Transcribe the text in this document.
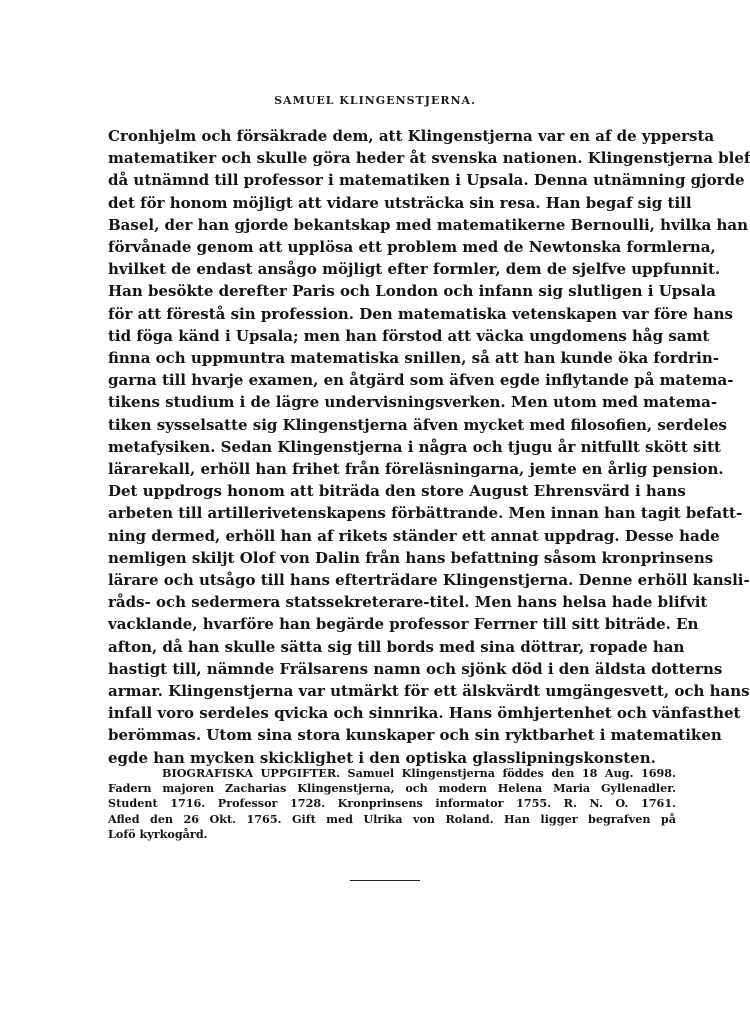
SAMUEL KLINGENSTJERNA.
Cronhjelm och försäkrade dem, att Klingenstjerna var en af de yppersta
matematiker och skulle göra heder åt svenska nationen. Klingenstjerna blef
då utnämnd till professor i matematiken i Upsala. Denna utnämning gjorde
det för honom möjligt att vidare utsträcka sin resa. Han begaf sig till
Basel, der han gjorde bekantskap med matematikerne Bernoulli, hvilka han
förvånade genom att upplösa ett problem med de Newtonska formlerna,
hvilket de endast ansågo möjligt efter formler, dem de sjelfve uppfunnit.
Han besökte derefter Paris och London och infann sig slutligen i Upsala
för att förestå sin profession. Den matematiska vetenskapen var före hans
tid föga känd i Upsala; men han förstod att väcka ungdomens håg samt
finna och uppmuntra matematiska snillen, så att han kunde öka fordrin-
garna till hvarje examen, en åtgärd som äfven egde inflytande på matema-
tikens studium i de lägre undervisningsverken. Men utom med matema-
tiken sysselsatte sig Klingenstjerna äfven mycket med filosofien, serdeles
metafysiken. Sedan Klingenstjerna i några och tjugu år nitfullt skött sitt
lärarekall, erhöll han frihet från föreläsningarna, jemte en årlig pension.
Det uppdrogs honom att biträda den store August Ehrensvärd i hans
arbeten till artillerivetenskapens förbättrande. Men innan han tagit befatt-
ning dermed, erhöll han af rikets ständer ett annat uppdrag. Desse hade
nemligen skiljt Olof von Dalin från hans befattning såsom kronprinsens
lärare och utsågo till hans efterträdare Klingenstjerna. Denne erhöll kansli-
råds- och sedermera statssekreterare-titel. Men hans helsa hade blifvit
vacklande, hvarföre han begärde professor Ferrner till sitt biträde. En
afton, då han skulle sätta sig till bords med sina döttrar, ropade han
hastigt till, nämnde Frälsarens namn och sjönk död i den äldsta dotterns
armar. Klingenstjerna var utmärkt för ett älskvärdt umgängesvett, och hans
infall voro serdeles qvicka och sinnrika. Hans ömhjertenhet och vänfasthet
berömmas. Utom sina stora kunskaper och sin ryktbarhet i matematiken
egde han mycken skicklighet i den optiska glasslipningskonsten.
BIOGRAFISKA UPPGIFTER. Samuel Klingenstjerna föddes den 18 Aug. 1698.
Fadern majoren Zacharias Klingenstjerna, och modern Helena Maria Gyllenadler.
Student 1716. Professor 1728. Kronprinsens informator 1755. R. N. O. 1761.
Afled den 26 Okt. 1765. Gift med Ulrika von Roland. Han ligger begrafven på
Lofö kyrkogård.
